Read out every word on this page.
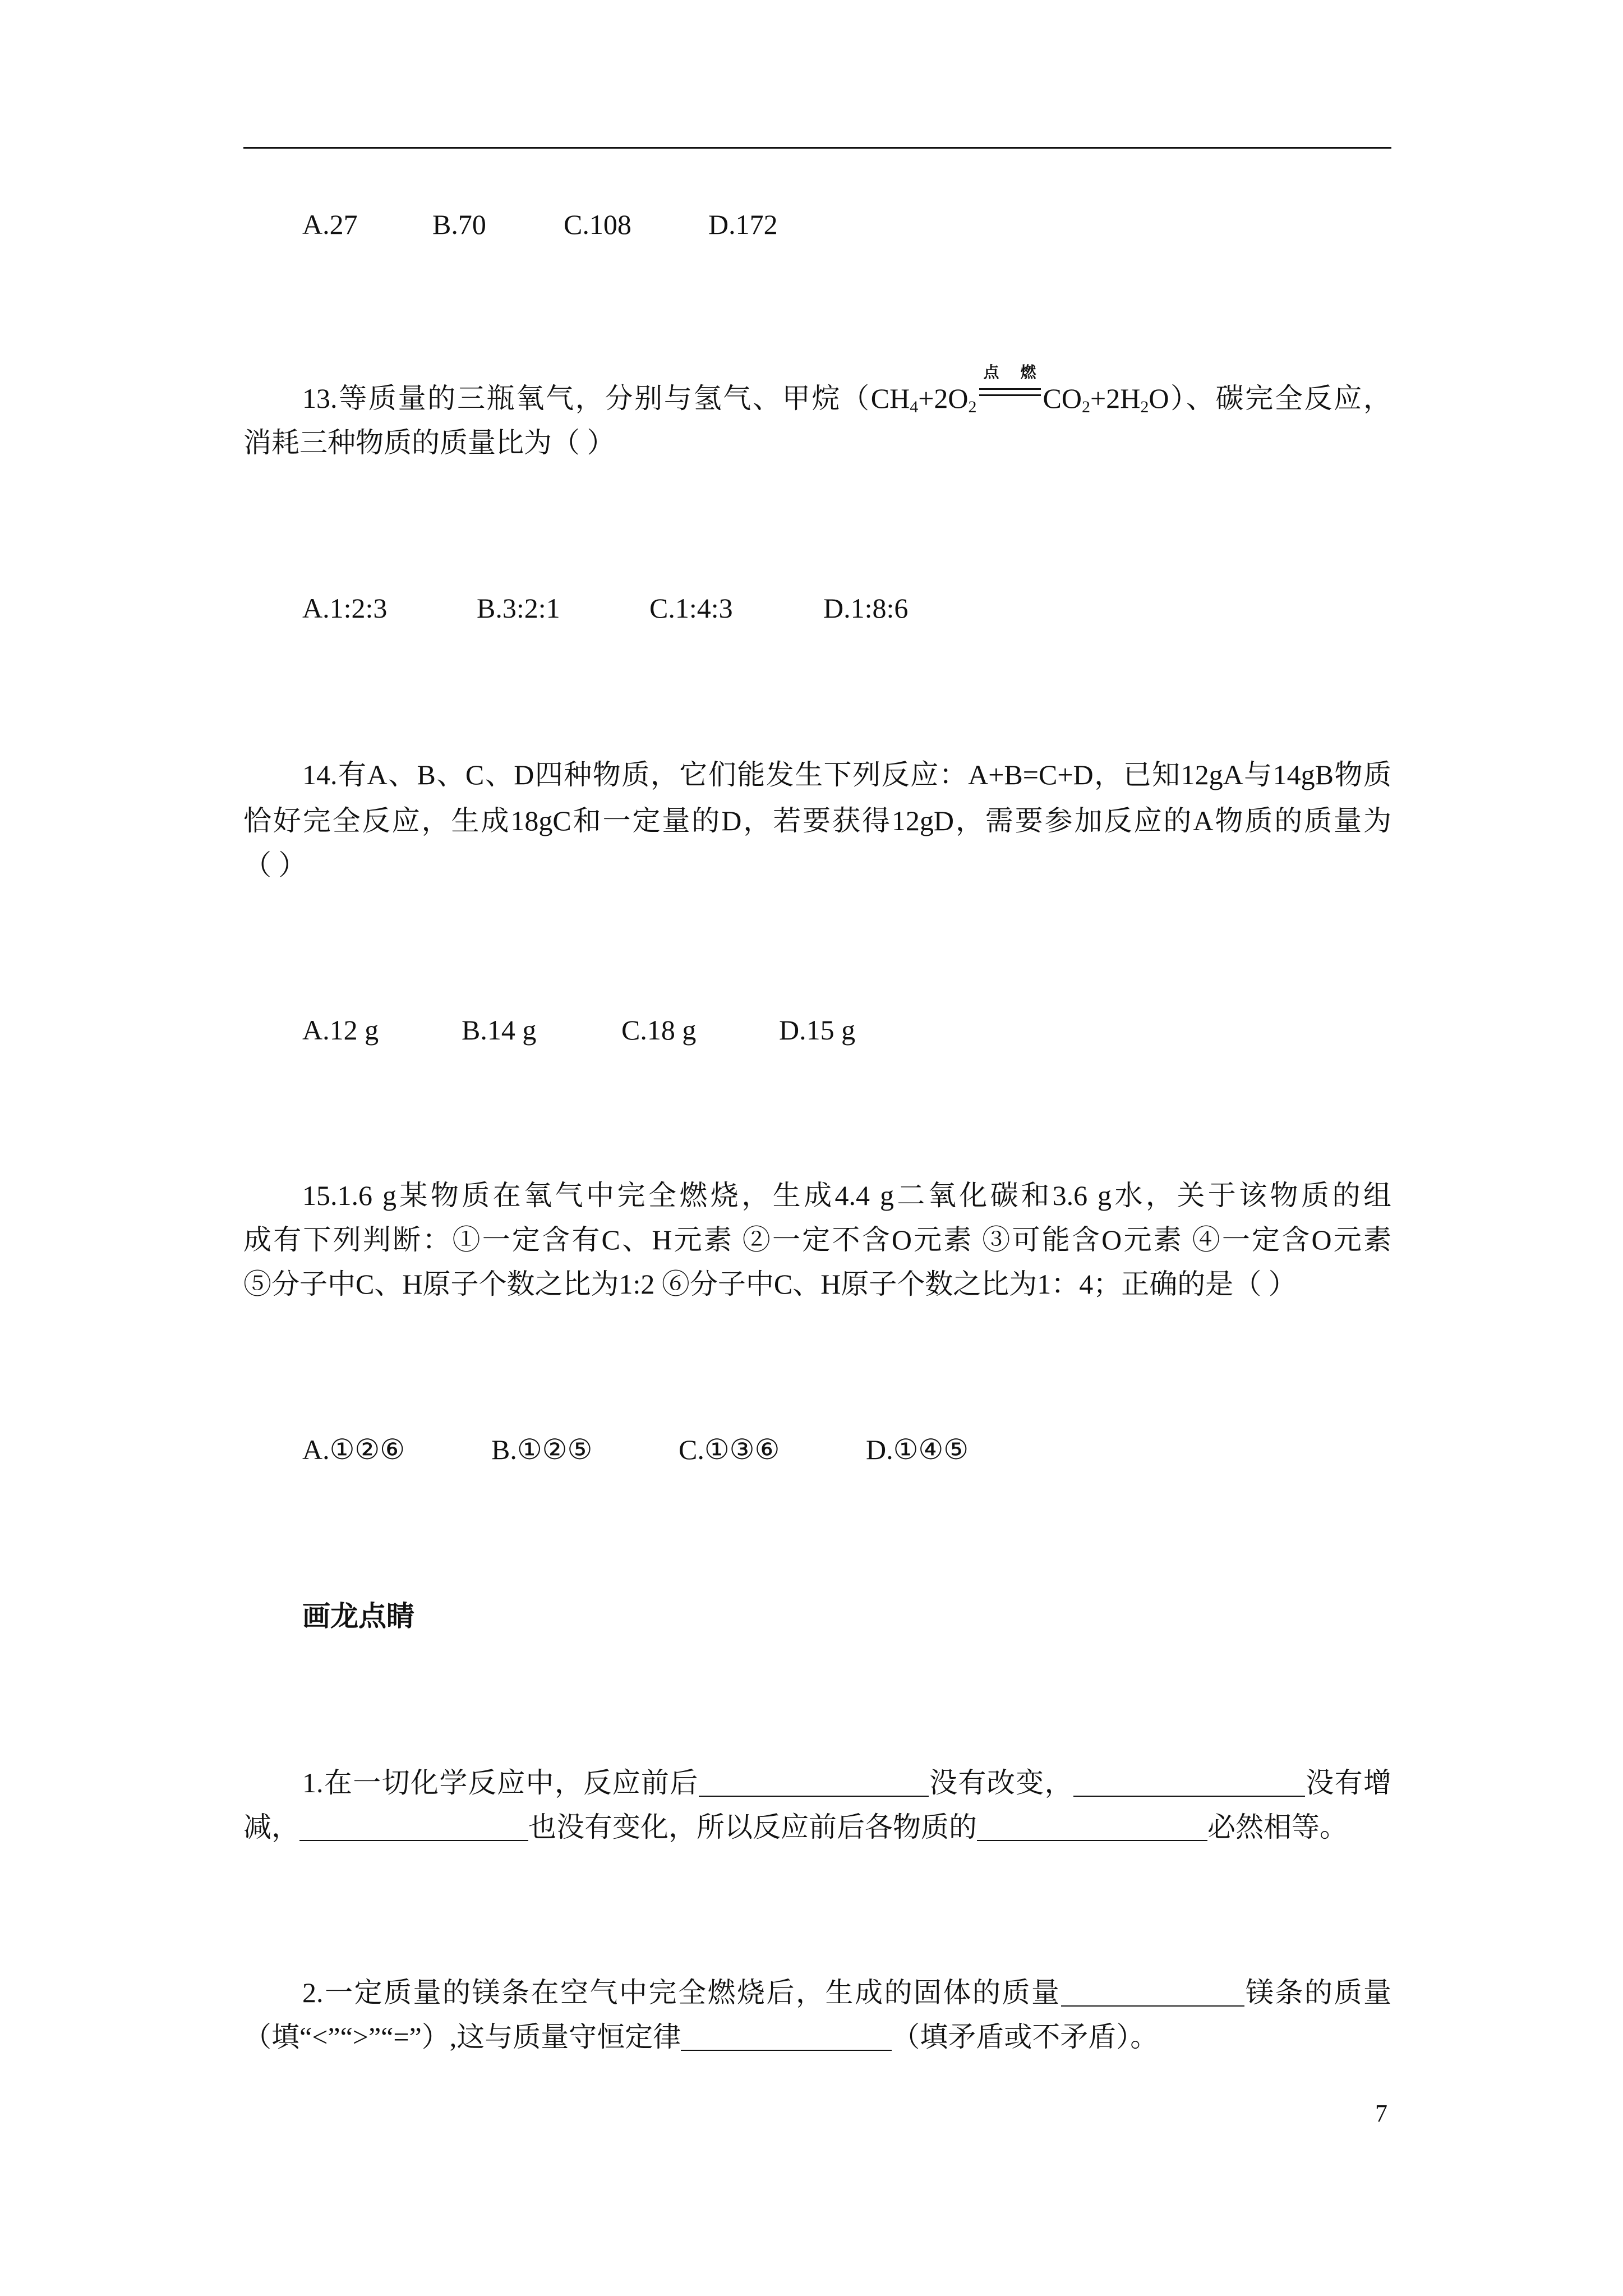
A.27	B.70	C.108	D.172
13.等质量的三瓶氧气，分别与氢气、甲烷（$CH_4+2O_2$
点燃
$CO_2+2H_2O$）、碳完全反应，
消耗三种物质的质量比为（ ）
A.1:2:3	B.3:2:1	C.1:4:3	D.1:8:6
14.有A、B、C、D四种物质，它们能发生下列反应：A+B=C+D，已知12gA与14gB物质
恰好完全反应，生成18gC和一定量的D，若要获得12gD，需要参加反应的A物质的质量为
（ ）
A.12 g	B.14 g	C.18 g	D.15 g
15.1.6 g某物质在氧气中完全燃烧，生成4.4 g二氧化碳和3.6 g水，关于该物质的组
成有下列判断：①一定含有C、H元素 ②一定不含O元素 ③可能含O元素 ④一定含O元素
⑤分子中C、H原子个数之比为1:2 ⑥分子中C、H原子个数之比为1：4；正确的是（ ）
A.①②⑥	B.①②⑤	C.①③⑥	D.①④⑤
画龙点睛
1.在一切化学反应中，反应前后	没有改变，	没有增
减，	也没有变化，所以反应前后各物质的	必然相等。
2.一定质量的镁条在空气中完全燃烧后，生成的固体的质量	镁条的质量
（填“<”“>”“=”）,这与质量守恒定律	（填矛盾或不矛盾）。
7
